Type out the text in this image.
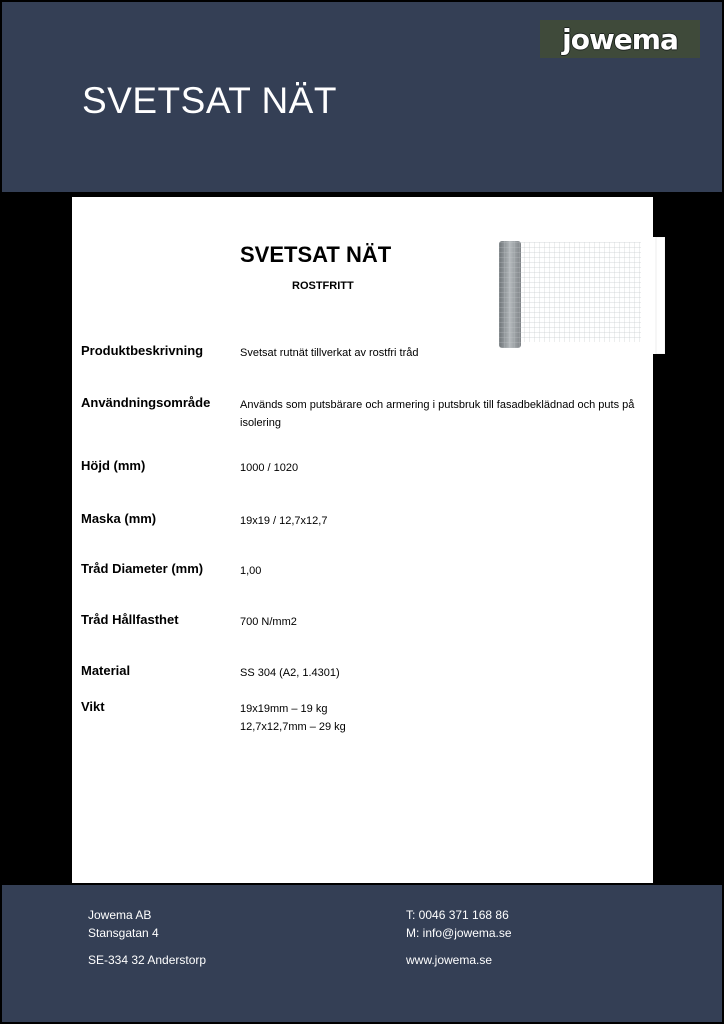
SVETSAT NÄT
jowema
SVETSAT NÄT
ROSTFRITT
Produktbeskrivning	Svetsat rutnät tillverkat av rostfri tråd
Användningsområde	Används som putsbärare och armering i putsbruk till fasadbeklädnad och puts på isolering
Höjd (mm)	1000 / 1020
Maska (mm)	19x19 / 12,7x12,7
Tråd Diameter (mm)	1,00
Tråd Hållfasthet	700 N/mm2
Material	SS 304 (A2, 1.4301)
Vikt	19x19mm – 19 kg
12,7x12,7mm – 29 kg
Jowema AB
Stansgatan 4
SE-334 32 Anderstorp
T: 0046 371 168 86
M: info@jowema.se
www.jowema.se
